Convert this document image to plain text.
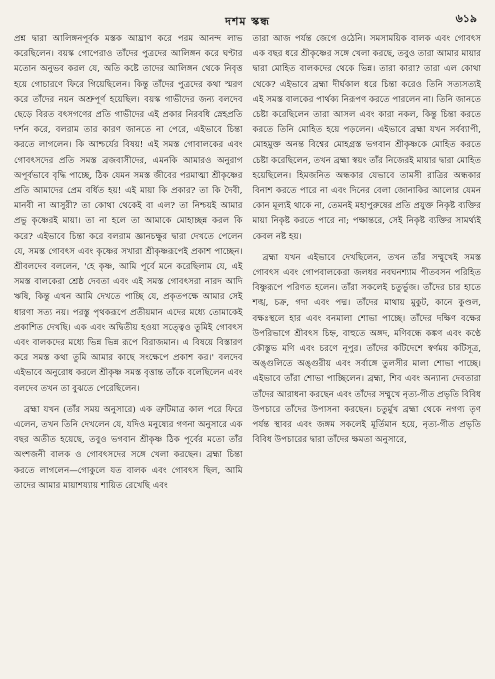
দশম স্কন্ধ	৬১৯

প্রশ্ন দ্বারা আলিঙ্গনপূর্বক মস্তক আঘ্রাণ করে পরম আনন্দ লাভ করেছিলেন। বয়স্ক গোপেরাও তাঁদের পুত্রদের আলিঙ্গন করে ঘণ্টার মতোন অনুভব করল যে, অতি কষ্টে তাদের আলিঙ্গন থেকে নিবৃত্ত হয়ে গোচারণে ফিরে গিয়েছিলেন। কিন্তু তাঁদের পুত্রদের কথা স্মরণ করে তাঁদের নয়ন অশ্রুপূর্ণ হয়েছিল। বয়স্ক গাভীদের জন্য বলদেব ছেড়ে বিরত বৎসগণের প্রতি গাভীদের এই প্রকার নিরবধি স্নেহপ্রতি দর্শন করে, বলরাম তার কারণ জানতে না পেরে, এইভাবে চিন্তা করতে লাগলেন। কি আশ্চর্যের বিষয়! এই সমস্ত গোবালকের এবং গোবৎসদের প্রতি সমস্ত ব্রজবাসীদের, এমনকি আমারও অনুরাগ অপূর্বভাবে বৃদ্ধি পাচ্ছে, ঠিক যেমন সমস্ত জীবের পরমাত্মা শ্রীকৃষ্ণের প্রতি আমাদের প্রেম বর্ধিত হয়! এই মায়া কি প্রকার? তা কি দৈবী, মানবী না আসুরী? তা কোথা থেকেই বা এল? তা নিশ্চয়ই আমার প্রভু কৃষ্ণেরই মায়া। তা না হলে তা আমাকে মোহাচ্ছন্ন করল কি করে? এইভাবে চিন্তা করে বলরাম জ্ঞানচক্ষুর দ্বারা দেখতে পেলেন যে, সমস্ত গোবৎস এবং কৃষ্ণের সখারা শ্রীকৃষ্ণরূপেই প্রকাশ পাচ্ছেন। শ্রীবলদেব বললেন, 'হে কৃষ্ণ, আমি পূর্বে মনে করেছিলাম যে, এই সমস্ত বালকেরা শ্রেষ্ঠ দেবতা এবং এই সমস্ত গোবৎসরা নারদ আদি ঋষি, কিন্তু এখন আমি দেখতে পাচ্ছি যে, প্রকৃতপক্ষে আমার সেই ধারণা সত্য নয়। পরস্তু পৃথকরূপে প্রতীয়মান এদের মধ্যে তোমাকেই প্রকাশিত দেখছি। এক এবং অদ্বিতীয় হওয়া সত্ত্বেও তুমিই গোবৎস এবং বালকদের মধ্যে ভিন্ন ভিন্ন রূপে বিরাজমান। এ বিষয়ে বিস্তারণ করে সমস্ত কথা তুমি আমার কাছে সংক্ষেপে প্রকাশ কর।' বলদেব এইভাবে অনুরোধ করলে শ্রীকৃষ্ণ সমস্ত বৃত্তান্ত তাঁকে বলেছিলেন এবং বলদেব তখন তা বুঝতে পেরেছিলেন।

ব্রহ্মা যখন (তাঁর সময় অনুসারে) এক ত্রুটিমাত্র কাল পরে ফিরে এলেন, তখন তিনি দেখলেন যে, যদিও মনুষ্যের গণনা অনুসারে এক বছর অতীত হয়েছে, তবুও ভগবান শ্রীকৃষ্ণ ঠিক পূর্বের মতো তাঁর অংশজনী বালক ও গোবৎসদের সঙ্গে খেলা করছেন। ব্রহ্মা চিন্তা করতে লাগলেন—গোকুলে যত বালক এবং গোবৎস ছিল, আমি তাদের আমার মায়াশয্যায় শায়িত রেখেছি এবং

তারা আজ পর্যন্ত জেগে ওঠেনি। সমসাময়িক বালক এবং গোবৎস এক বছর ধরে শ্রীকৃষ্ণের সঙ্গে খেলা করছে, তবুও তারা আমার মায়ার দ্বারা মোহিত বালকদের থেকে ভিন্ন। তারা কারা? তারা এল কোথা থেকে? এইভাবে ব্রহ্মা দীর্ঘকাল ধরে চিন্তা করেও তিনি সত্যসত্যই এই সমস্ত বালকের পার্থক্য নিরূপণ করতে পারলেন না। তিনি জানতে চেষ্টা করেছিলেন তারা আসল এবং কারা নকল, কিন্তু চিন্তা করতে করতে তিনি মোহিত হয়ে পড়লেন। এইভাবে ব্রহ্মা যখন সর্বব্যাপী, মোহমুক্ত অনন্ত বিশ্বের মোহগ্রস্ত ভগবান শ্রীকৃষ্ণকে মোহিত করতে চেষ্টা করেছিলেন, তখন ব্রহ্মা স্বয়ং তাঁর নিজেরই মায়ার দ্বারা মোহিত হয়েছিলেন। হিমজনিত অন্ধকার যেভাবে তামসী রাত্রির অন্ধকার বিনাশ করতে পারে না এবং দিনের বেলা জোনাকির আলোর যেমন কোন মূল্যই থাকে না, তেমনই মহাপুরুষের প্রতি প্রযুক্ত নিকৃষ্ট ব্যক্তির মায়া নিকৃষ্ট করতে পারে না; পক্ষান্তরে, সেই নিকৃষ্ট ব্যক্তির সামর্থ্যই কেবল নষ্ট হয়।

ব্রহ্মা যখন এইভাবে দেখছিলেন, তখন তাঁর সম্মুখেই সমস্ত গোবৎস এবং গোপবালকেরা জলধর নবঘনশ্যাম পীতবসন পরিহিত বিষ্ণুরূপে পরিণত হলেন। তাঁরা সকলেই চতুর্ভুজ। তাঁদের চার হাতে শঙ্খ, চক্র, গদা এবং পদ্ম। তাঁদের মাথায় মুকুট, কানে কুণ্ডল, বক্ষঃস্থলে হার এবং বনমালা শোভা পাচ্ছে। তাঁদের দক্ষিণ বক্ষের উপরিভাগে শ্রীবৎস চিহ্ন, বাহুতে অঙ্গদ, মণিবন্ধে কঙ্কণ এবং কণ্ঠে কৌস্তুভ মণি এবং চরণে নূপুর। তাঁদের কটিদেশে স্বর্ণময় কটিসূত্র, অঙ্গুলিতে অঙ্গুরীয় এবং সর্বাঙ্গে তুলসীর মালা শোভা পাচ্ছে। এইভাবে তাঁরা শোভা পাচ্ছিলেন। ব্রহ্মা, শিব এবং অন্যান্য দেবতারা তাঁদের আরাধনা করছেন এবং তাঁদের সম্মুখে নৃত্য-গীত প্রভৃতি বিবিধ উপচারে তাঁদের উপাসনা করছেন। চতুর্মুখ ব্রহ্মা থেকে নগণ্য তৃণ পর্যন্ত স্থাবর এবং জঙ্গম সকলেই মূর্তিমান হয়ে, নৃত্য-গীত প্রভৃতি বিবিধ উপচারের দ্বারা তাঁদের ক্ষমতা অনুসারে,
